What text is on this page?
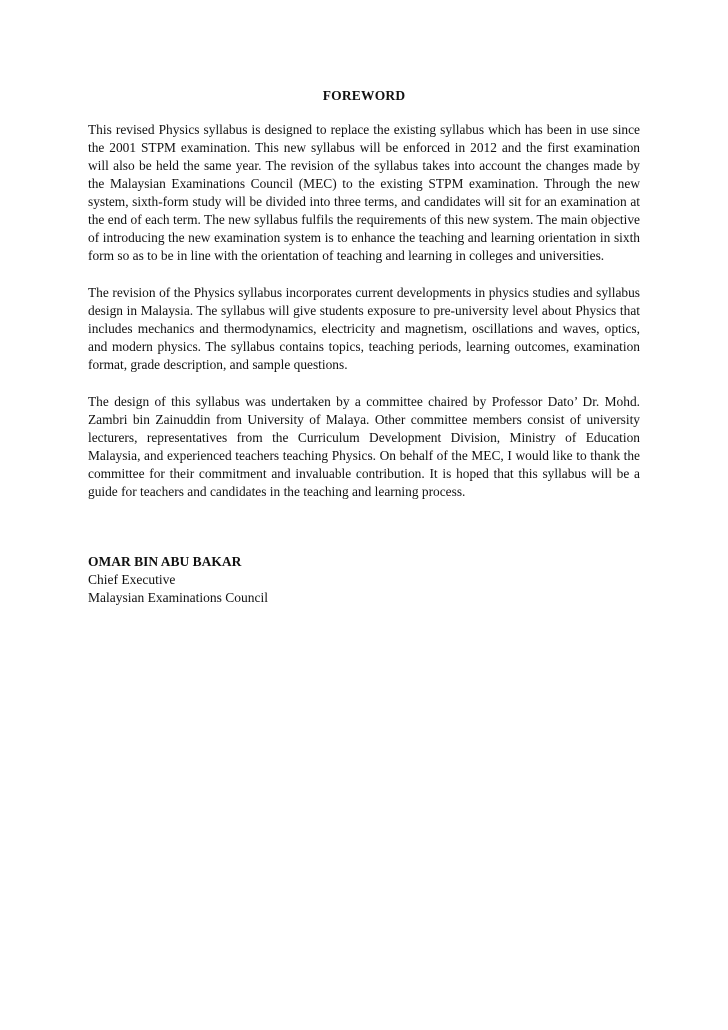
FOREWORD

This revised Physics syllabus is designed to replace the existing syllabus which has been in use since the 2001 STPM examination. This new syllabus will be enforced in 2012 and the first examination will also be held the same year. The revision of the syllabus takes into account the changes made by the Malaysian Examinations Council (MEC) to the existing STPM examination. Through the new system, sixth-form study will be divided into three terms, and candidates will sit for an examination at the end of each term. The new syllabus fulfils the requirements of this new system. The main objective of introducing the new examination system is to enhance the teaching and learning orientation in sixth form so as to be in line with the orientation of teaching and learning in colleges and universities.

The revision of the Physics syllabus incorporates current developments in physics studies and syllabus design in Malaysia. The syllabus will give students exposure to pre-university level about Physics that includes mechanics and thermodynamics, electricity and magnetism, oscillations and waves, optics, and modern physics. The syllabus contains topics, teaching periods, learning outcomes, examination format, grade description, and sample questions.

The design of this syllabus was undertaken by a committee chaired by Professor Dato’ Dr. Mohd. Zambri bin Zainuddin from University of Malaya. Other committee members consist of university lecturers, representatives from the Curriculum Development Division, Ministry of Education Malaysia, and experienced teachers teaching Physics. On behalf of the MEC, I would like to thank the committee for their commitment and invaluable contribution. It is hoped that this syllabus will be a guide for teachers and candidates in the teaching and learning process.

OMAR BIN ABU BAKAR
Chief Executive
Malaysian Examinations Council
